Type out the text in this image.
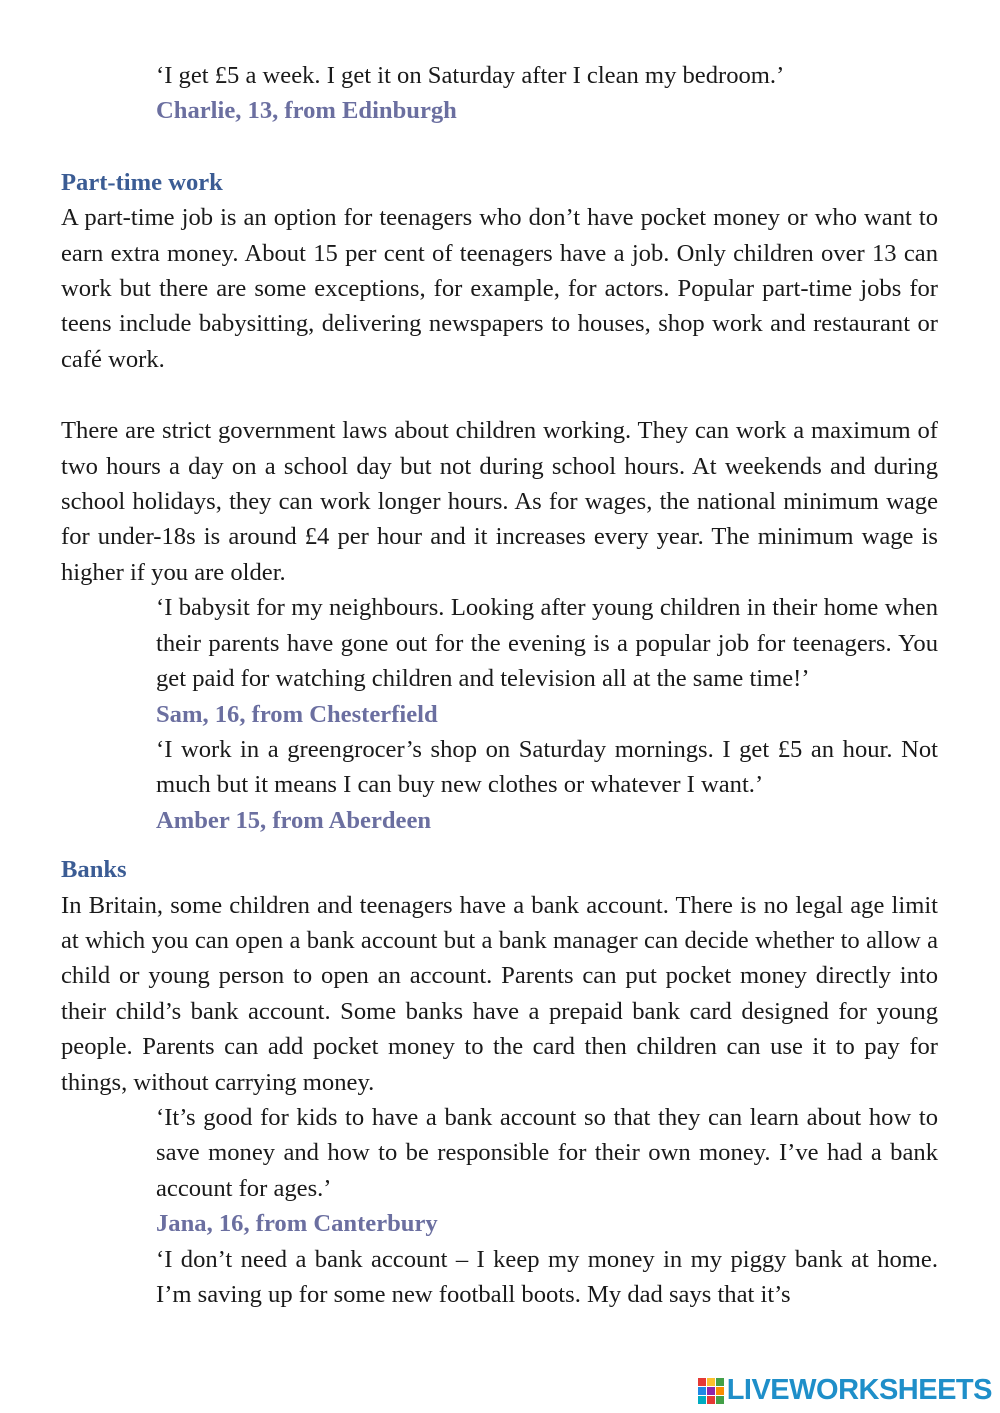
‘I get £5 a week. I get it on Saturday after I clean my bedroom.’

Charlie, 13, from Edinburgh

Part-time work

A part-time job is an option for teenagers who don’t have pocket money or who want to earn extra money. About 15 per cent of teenagers have a job. Only children over 13 can work but there are some exceptions, for example, for actors. Popular part-time jobs for teens include babysitting, delivering newspapers to houses, shop work and restaurant or café work.

There are strict government laws about children working. They can work a maximum of two hours a day on a school day but not during school hours. At weekends and during school holidays, they can work longer hours. As for wages, the national minimum wage for under-18s is around £4 per hour and it increases every year. The minimum wage is higher if you are older.

‘I babysit for my neighbours. Looking after young children in their home when their parents have gone out for the evening is a popular job for teenagers. You get paid for watching children and television all at the same time!’

Sam, 16, from Chesterfield

‘I work in a greengrocer’s shop on Saturday mornings. I get £5 an hour. Not much but it means I can buy new clothes or whatever I want.’

Amber 15, from Aberdeen

Banks

In Britain, some children and teenagers have a bank account. There is no legal age limit at which you can open a bank account but a bank manager can decide whether to allow a child or young person to open an account. Parents can put pocket money directly into their child’s bank account. Some banks have a prepaid bank card designed for young people. Parents can add pocket money to the card then children can use it to pay for things, without carrying money.

‘It’s good for kids to have a bank account so that they can learn about how to save money and how to be responsible for their own money. I’ve had a bank account for ages.’

Jana, 16, from Canterbury

‘I don’t need a bank account – I keep my money in my piggy bank at home. I’m saving up for some new football boots. My dad says that it’s

LIVEWORKSHEETS
